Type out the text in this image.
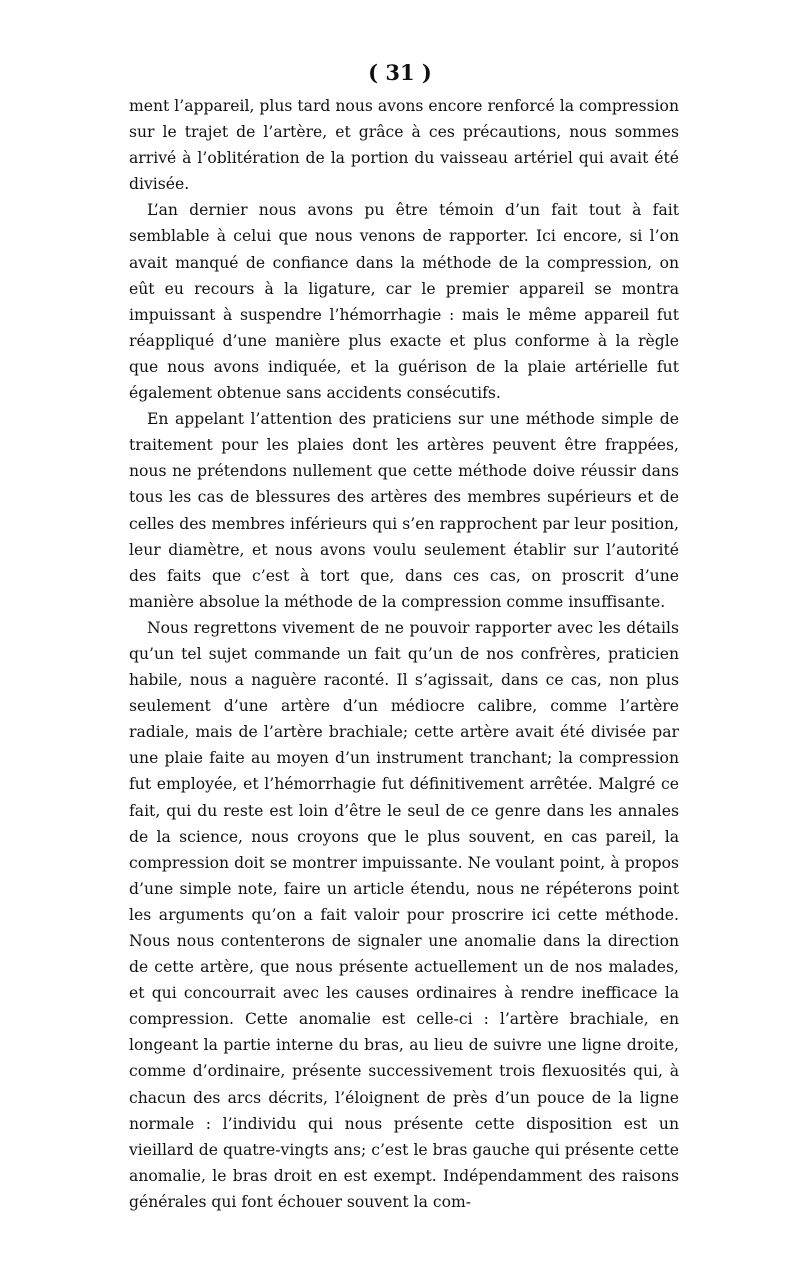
( 31 )

ment l’appareil, plus tard nous avons encore renforcé la compression sur le trajet de l’artère, et grâce à ces précautions, nous sommes arrivé à l’oblitération de la portion du vaisseau artériel qui avait été divisée.

L’an dernier nous avons pu être témoin d’un fait tout à fait semblable à celui que nous venons de rapporter. Ici encore, si l’on avait manqué de confiance dans la méthode de la compression, on eût eu recours à la ligature, car le premier appareil se montra impuissant à suspendre l’hémorrhagie : mais le même appareil fut réappliqué d’une manière plus exacte et plus conforme à la règle que nous avons indiquée, et la guérison de la plaie artérielle fut également obtenue sans accidents consécutifs.

En appelant l’attention des praticiens sur une méthode simple de traitement pour les plaies dont les artères peuvent être frappées, nous ne prétendons nullement que cette méthode doive réussir dans tous les cas de blessures des artères des membres supérieurs et de celles des membres inférieurs qui s’en rapprochent par leur position, leur diamètre, et nous avons voulu seulement établir sur l’autorité des faits que c’est à tort que, dans ces cas, on proscrit d’une manière absolue la méthode de la compression comme insuffisante.

Nous regrettons vivement de ne pouvoir rapporter avec les détails qu’un tel sujet commande un fait qu’un de nos confrères, praticien habile, nous a naguère raconté. Il s’agissait, dans ce cas, non plus seulement d’une artère d’un médiocre calibre, comme l’artère radiale, mais de l’artère brachiale; cette artère avait été divisée par une plaie faite au moyen d’un instrument tranchant; la compression fut employée, et l’hémorrhagie fut définitivement arrêtée. Malgré ce fait, qui du reste est loin d’être le seul de ce genre dans les annales de la science, nous croyons que le plus souvent, en cas pareil, la compression doit se montrer impuissante. Ne voulant point, à propos d’une simple note, faire un article étendu, nous ne répéterons point les arguments qu’on a fait valoir pour proscrire ici cette méthode. Nous nous contenterons de signaler une anomalie dans la direction de cette artère, que nous présente actuellement un de nos malades, et qui concourrait avec les causes ordinaires à rendre inefficace la compression. Cette anomalie est celle-ci : l’artère brachiale, en longeant la partie interne du bras, au lieu de suivre une ligne droite, comme d’ordinaire, présente successivement trois flexuosités qui, à chacun des arcs décrits, l’éloignent de près d’un pouce de la ligne normale : l’individu qui nous présente cette disposition est un vieillard de quatre-vingts ans; c’est le bras gauche qui présente cette anomalie, le bras droit en est exempt. Indépendamment des raisons générales qui font échouer souvent la com-
